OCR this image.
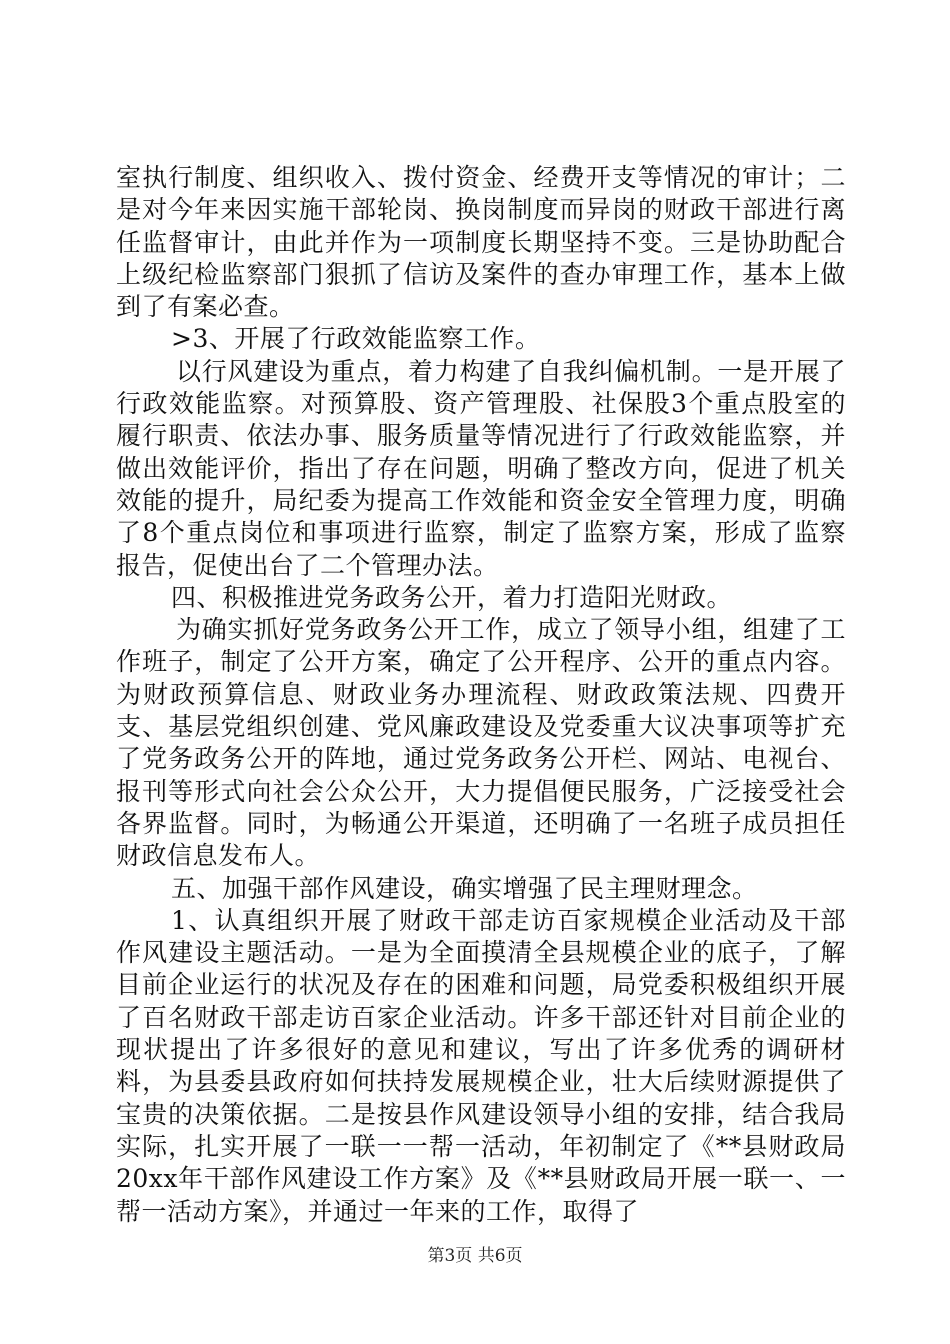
室执行制度、组织收入、拨付资金、经费开支等情况的审计；二是对今年来因实施干部轮岗、换岗制度而异岗的财政干部进行离任监督审计，由此并作为一项制度长期坚持不变。三是协助配合上级纪检监察部门狠抓了信访及案件的查办审理工作，基本上做到了有案必查。

>3、开展了行政效能监察工作。

以行风建设为重点，着力构建了自我纠偏机制。一是开展了行政效能监察。对预算股、资产管理股、社保股3个重点股室的履行职责、依法办事、服务质量等情况进行了行政效能监察，并做出效能评价，指出了存在问题，明确了整改方向，促进了机关效能的提升，局纪委为提高工作效能和资金安全管理力度，明确了8个重点岗位和事项进行监察，制定了监察方案，形成了监察报告，促使出台了二个管理办法。

四、积极推进党务政务公开，着力打造阳光财政。

为确实抓好党务政务公开工作，成立了领导小组，组建了工作班子，制定了公开方案，确定了公开程序、公开的重点内容。为财政预算信息、财政业务办理流程、财政政策法规、四费开支、基层党组织创建、党风廉政建设及党委重大议决事项等扩充了党务政务公开的阵地，通过党务政务公开栏、网站、电视台、报刊等形式向社会公众公开，大力提倡便民服务，广泛接受社会各界监督。同时，为畅通公开渠道，还明确了一名班子成员担任财政信息发布人。

五、加强干部作风建设，确实增强了民主理财理念。

1、认真组织开展了财政干部走访百家规模企业活动及干部作风建设主题活动。一是为全面摸清全县规模企业的底子，了解目前企业运行的状况及存在的困难和问题，局党委积极组织开展了百名财政干部走访百家企业活动。许多干部还针对目前企业的现状提出了许多很好的意见和建议，写出了许多优秀的调研材料，为县委县政府如何扶持发展规模企业，壮大后续财源提供了宝贵的决策依据。二是按县作风建设领导小组的安排，结合我局实际，扎实开展了一联一一帮一活动，年初制定了《**县财政局20xx年干部作风建设工作方案》及《**县财政局开展一联一、一帮一活动方案》，并通过一年来的工作，取得了

第3页 共6页
